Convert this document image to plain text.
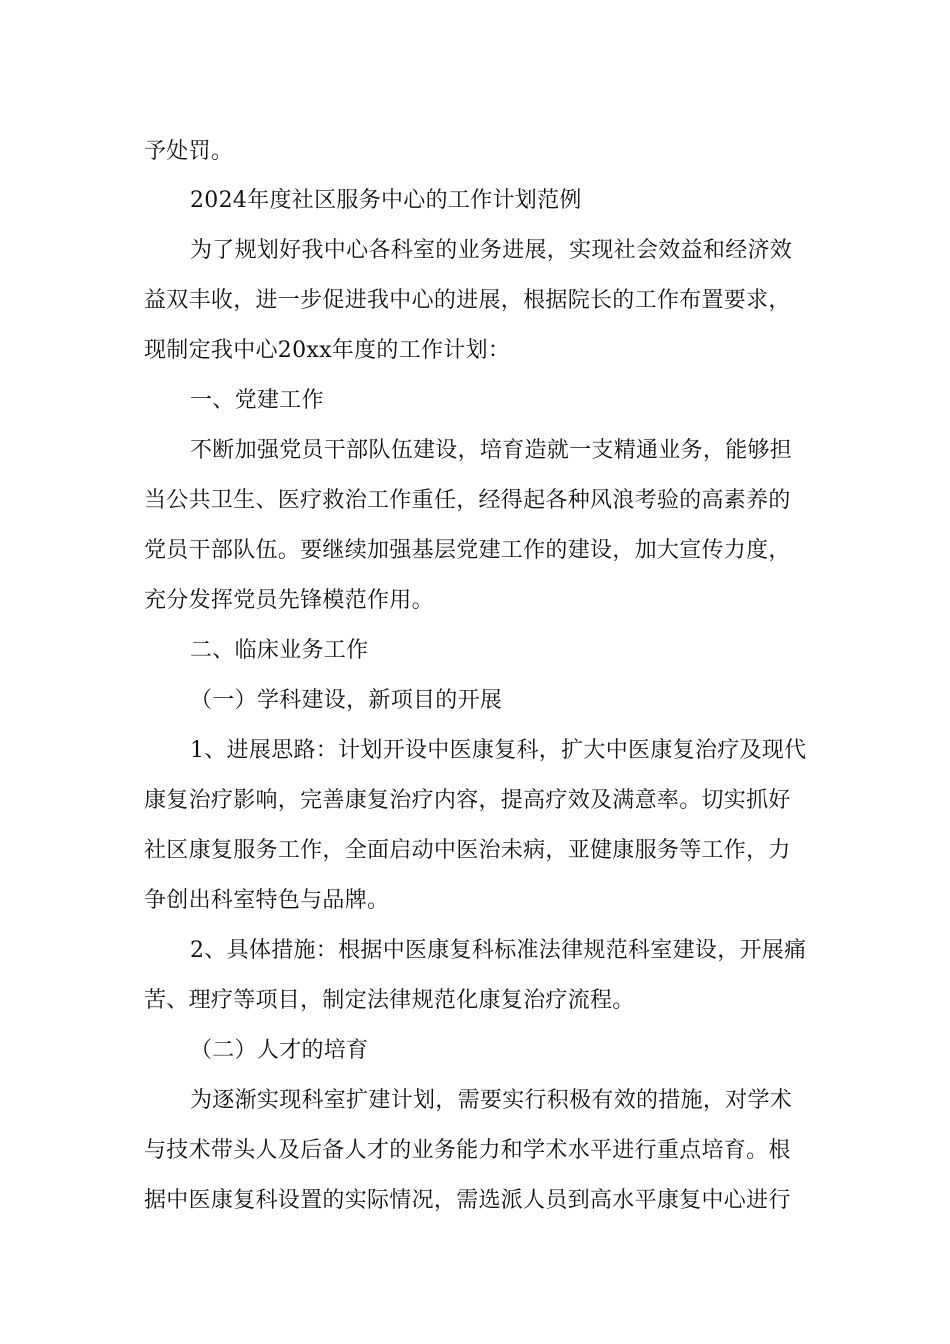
予处罚。
2024年度社区服务中心的工作计划范例
为了规划好我中心各科室的业务进展，实现社会效益和经济效
益双丰收，进一步促进我中心的进展，根据院长的工作布置要求，
现制定我中心20xx年度的工作计划：
一、党建工作
不断加强党员干部队伍建设，培育造就一支精通业务，能够担
当公共卫生、医疗救治工作重任，经得起各种风浪考验的高素养的
党员干部队伍。要继续加强基层党建工作的建设，加大宣传力度，
充分发挥党员先锋模范作用。
二、临床业务工作
（一）学科建设，新项目的开展
1、进展思路：计划开设中医康复科，扩大中医康复治疗及现代
康复治疗影响，完善康复治疗内容，提高疗效及满意率。切实抓好
社区康复服务工作，全面启动中医治未病，亚健康服务等工作，力
争创出科室特色与品牌。
2、具体措施：根据中医康复科标准法律规范科室建设，开展痛
苦、理疗等项目，制定法律规范化康复治疗流程。
（二）人才的培育
为逐渐实现科室扩建计划，需要实行积极有效的措施，对学术
与技术带头人及后备人才的业务能力和学术水平进行重点培育。根
据中医康复科设置的实际情况，需选派人员到高水平康复中心进行
